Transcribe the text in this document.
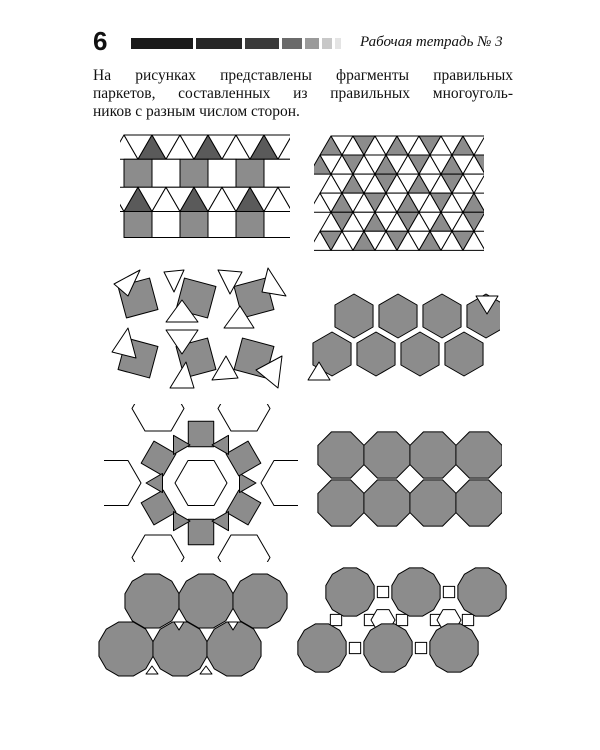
6	Рабочая тетрадь № 3
На рисунках представлены фрагменты правильных
паркетов, составленных из правильных многоуголь-
ников с разным числом сторон.
